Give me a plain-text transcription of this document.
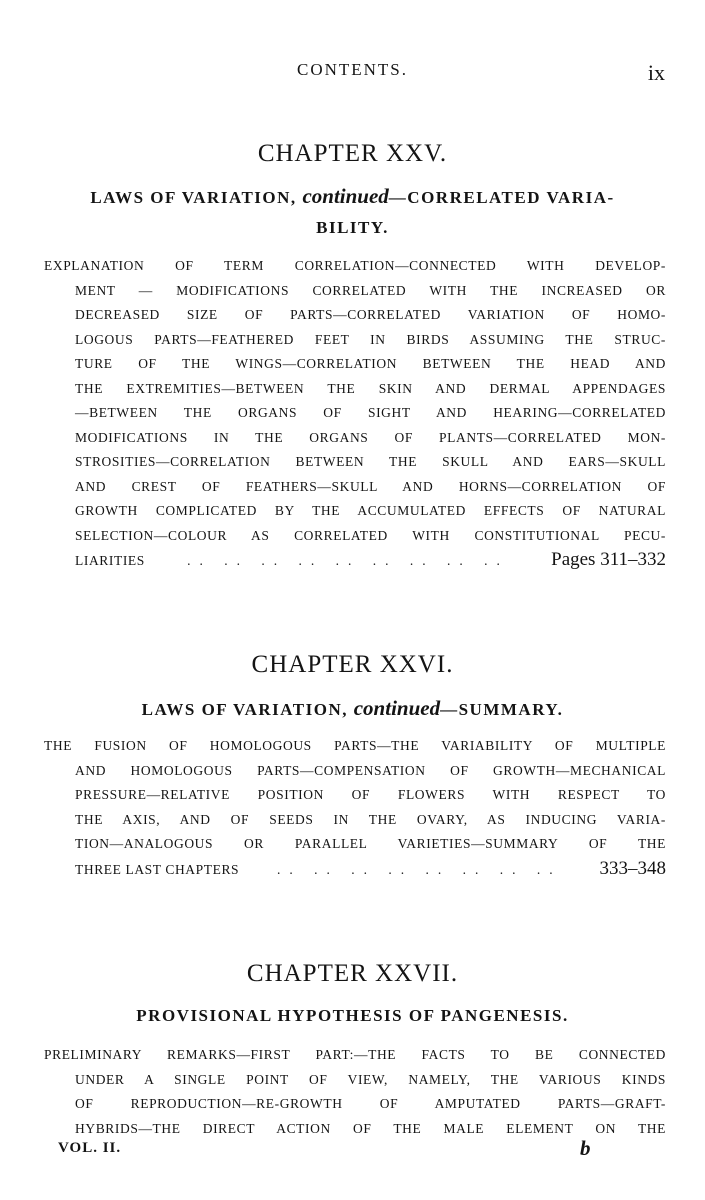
CONTENTS.	ix
CHAPTER XXV.
LAWS OF VARIATION, continued—CORRELATED VARIA-
BILITY.
EXPLANATION OF TERM CORRELATION—CONNECTED WITH DEVELOP-
MENT — MODIFICATIONS CORRELATED WITH THE INCREASED OR
DECREASED SIZE OF PARTS—CORRELATED VARIATION OF HOMO-
LOGOUS PARTS—FEATHERED FEET IN BIRDS ASSUMING THE STRUC-
TURE OF THE WINGS—CORRELATION BETWEEN THE HEAD AND
THE EXTREMITIES—BETWEEN THE SKIN AND DERMAL APPENDAGES
—BETWEEN THE ORGANS OF SIGHT AND HEARING—CORRELATED
MODIFICATIONS IN THE ORGANS OF PLANTS—CORRELATED MON-
STROSITIES—CORRELATION BETWEEN THE SKULL AND EARS—SKULL
AND CREST OF FEATHERS—SKULL AND HORNS—CORRELATION OF
GROWTH COMPLICATED BY THE ACCUMULATED EFFECTS OF NATURAL
SELECTION—COLOUR AS CORRELATED WITH CONSTITUTIONAL PECU-
LIARITIES	.. .. .. .. .. .. .. .. ..	Pages 311–332
CHAPTER XXVI.
LAWS OF VARIATION, continued—SUMMARY.
THE FUSION OF HOMOLOGOUS PARTS—THE VARIABILITY OF MULTIPLE
AND HOMOLOGOUS PARTS—COMPENSATION OF GROWTH—MECHANICAL
PRESSURE—RELATIVE POSITION OF FLOWERS WITH RESPECT TO
THE AXIS, AND OF SEEDS IN THE OVARY, AS INDUCING VARIA-
TION—ANALOGOUS OR PARALLEL VARIETIES—SUMMARY OF THE
THREE LAST CHAPTERS	.. .. .. .. .. .. .. ..	333–348
CHAPTER XXVII.
PROVISIONAL HYPOTHESIS OF PANGENESIS.
PRELIMINARY REMARKS—FIRST PART:—THE FACTS TO BE CONNECTED
UNDER A SINGLE POINT OF VIEW, NAMELY, THE VARIOUS KINDS
OF REPRODUCTION—RE-GROWTH OF AMPUTATED PARTS—GRAFT-
HYBRIDS—THE DIRECT ACTION OF THE MALE ELEMENT ON THE
VOL. II.	b
